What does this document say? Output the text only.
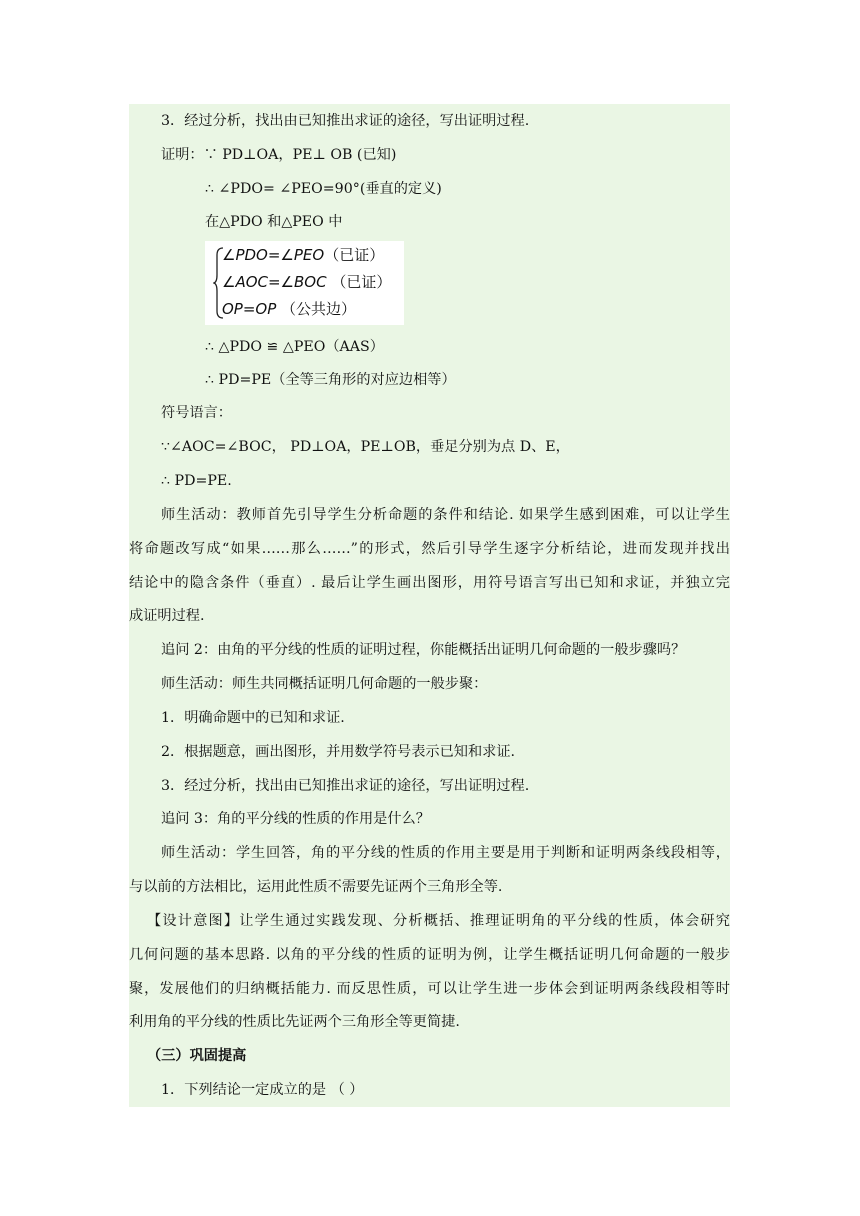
3．经过分析，找出由已知推出求证的途径，写出证明过程.
证明：∵ PD⊥OA，PE⊥ OB (已知)
∴ ∠PDO= ∠PEO=90°(垂直的定义)
在△PDO 和△PEO 中
∠PDO=∠PEO（已证）
∠AOC=∠BOC （已证）
OP=OP （公共边）
∴ △PDO ≌ △PEO（AAS）
∴ PD=PE（全等三角形的对应边相等）
符号语言：
∵∠AOC=∠BOC， PD⊥OA，PE⊥OB，垂足分别为点 D、E，
∴ PD=PE.
师生活动：教师首先引导学生分析命题的条件和结论. 如果学生感到困难，可以让学生
将命题改写成“如果……那么……”的形式，然后引导学生逐字分析结论，进而发现并找出
结论中的隐含条件（垂直）. 最后让学生画出图形，用符号语言写出已知和求证，并独立完
成证明过程.
追问 2：由角的平分线的性质的证明过程，你能概括出证明几何命题的一般步骤吗？
师生活动：师生共同概括证明几何命题的一般步聚：
1．明确命题中的已知和求证.
2．根据题意，画出图形，并用数学符号表示已知和求证.
3．经过分析，找出由已知推出求证的途径，写出证明过程.
追问 3：角的平分线的性质的作用是什么？
师生活动：学生回答，角的平分线的性质的作用主要是用于判断和证明两条线段相等，
与以前的方法相比，运用此性质不需要先证两个三角形全等.
【设计意图】让学生通过实践发现、分析概括、推理证明角的平分线的性质，体会研究
几何问题的基本思路. 以角的平分线的性质的证明为例，让学生概括证明几何命题的一般步
聚，发展他们的归纳概括能力. 而反思性质，可以让学生进一步体会到证明两条线段相等时
利用角的平分线的性质比先证两个三角形全等更简捷.
（三）巩固提高
1．下列结论一定成立的是 （ ）
